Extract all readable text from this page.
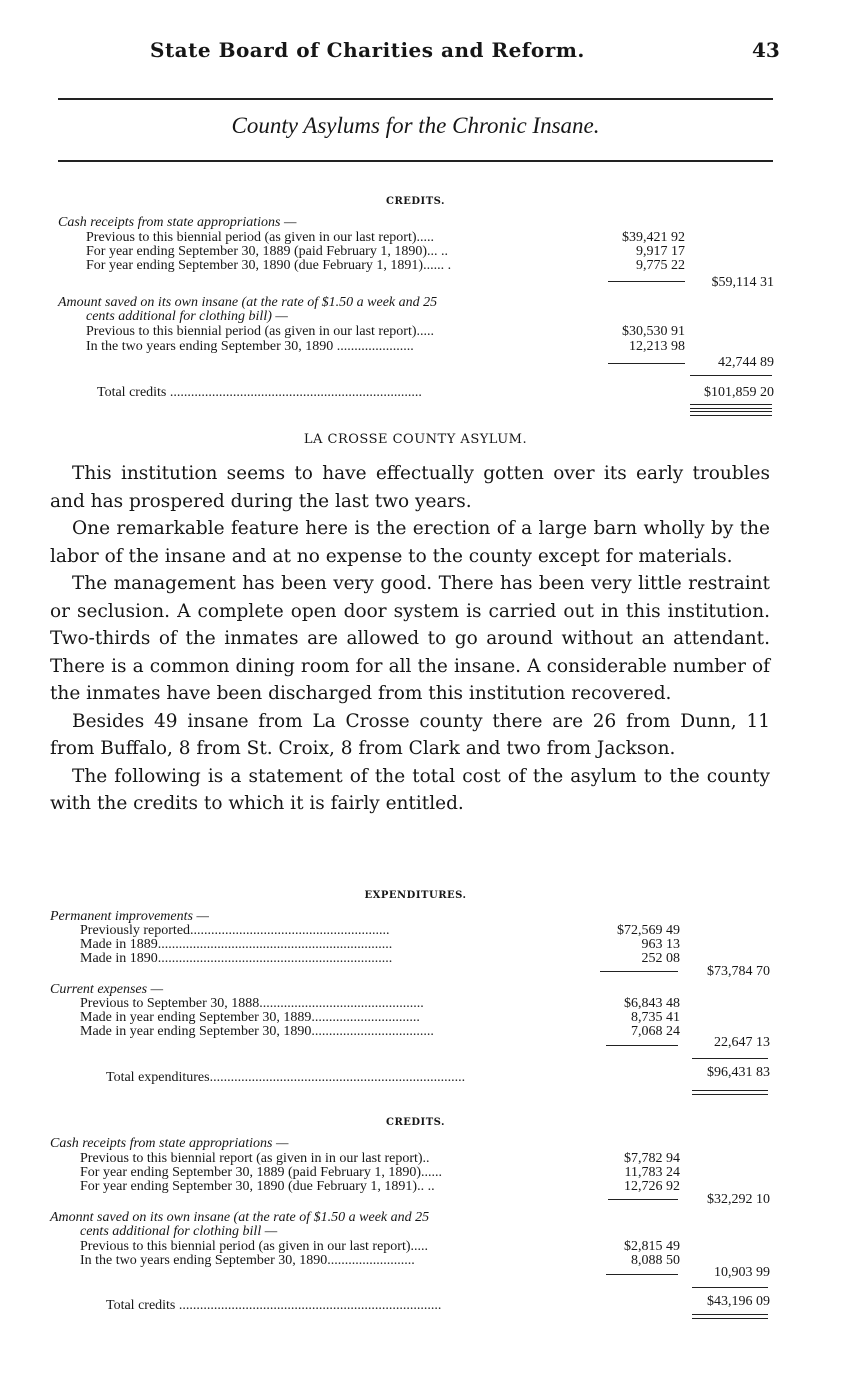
State Board of Charities and Reform.	43
County Asylums for the Chronic Insane.
CREDITS.
Cash receipts from state appropriations —
Previous to this biennial period (as given in our last report).....	$39,421 92
For year ending September 30, 1889 (paid February 1, 1890)... ..	9,917 17
For year ending September 30, 1890 (due February 1, 1891)...... .	9,775 22
$59,114 31
Amount saved on its own insane (at the rate of $1.50 a week and 25
cents additional for clothing bill) —
Previous to this biennial period (as given in our last report).....	$30,530 91
In the two years ending September 30, 1890 ......................	12,213 98
42,744 89
Total credits ........................................................................	$101,859 20
LA CROSSE COUNTY ASYLUM.

This institution seems to have effectually gotten over its early troubles and has prospered during the last two years.

One remarkable feature here is the erection of a large barn wholly by the labor of the insane and at no expense to the county except for materials.

The management has been very good. There has been very little restraint or seclusion. A complete open door system is carried out in this institution. Two-thirds of the inmates are allowed to go around without an attendant. There is a common dining room for all the insane. A considerable number of the inmates have been discharged from this institution recovered.

Besides 49 insane from La Crosse county there are 26 from Dunn, 11 from Buffalo, 8 from St. Croix, 8 from Clark and two from Jackson.

The following is a statement of the total cost of the asylum to the county with the credits to which it is fairly entitled.

EXPENDITURES.
Permanent improvements —
Previously reported.........................................................	$72,569 49
Made in 1889...................................................................	963 13
Made in 1890...................................................................	252 08
$73,784 70
Current expenses —
Previous to September 30, 1888...............................................	$6,843 48
Made in year ending September 30, 1889...............................	8,735 41
Made in year ending September 30, 1890...................................	7,068 24
22,647 13
Total expenditures.........................................................................	$96,431 83
CREDITS.
Cash receipts from state appropriations —
Previous to this biennial report (as given in in our last report)..	$7,782 94
For year ending September 30, 1889 (paid February 1, 1890)......	11,783 24
For year ending September 30, 1890 (due February 1, 1891).. ..	12,726 92
$32,292 10
Amonnt saved on its own insane (at the rate of $1.50 a week and 25
cents additional for clothing bill —
Previous to this biennial period (as given in our last report).....	$2,815 49
In the two years ending September 30, 1890.........................	8,088 50
10,903 99
Total credits ...........................................................................	$43,196 09
